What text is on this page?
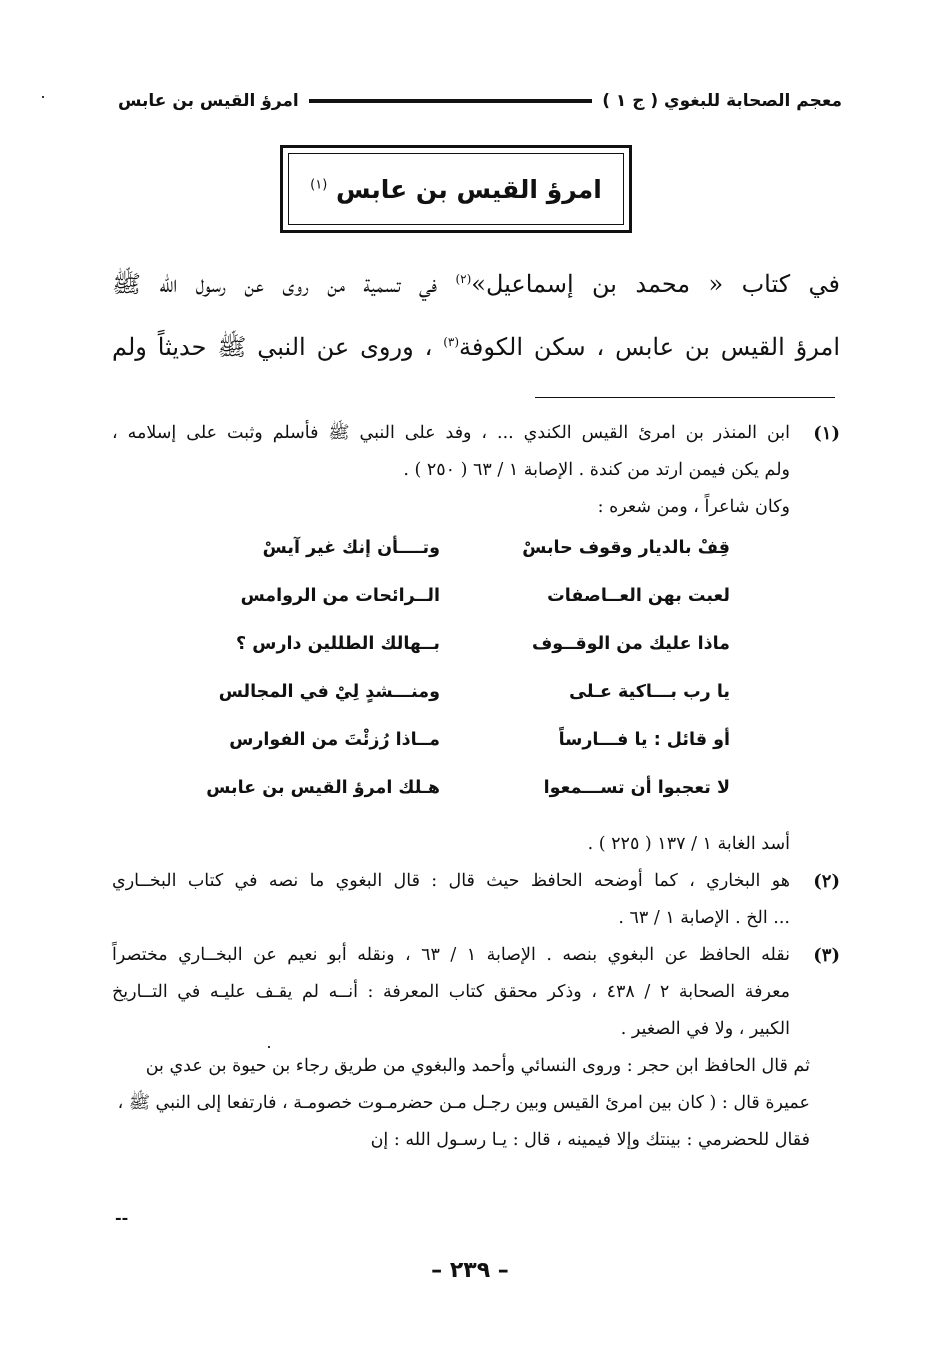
معجم الصحابة للبغوي ( ج ١ )
امرؤ القيس بن عابس
امرؤ القيس بن عابس $^{(١)}$
في كتاب « محمد بن إسماعيل»$^{(٢)}$ في تسمية من روى عن رسول الله ﷺ
امرؤ القيس بن عابس ، سكن الكوفة$^{(٣)}$ ، وروى عن النبي ﷺ حديثاً ولم
(١)
ابن المنذر بن امرئ القيس الكندي ... ، وفد على النبي ﷺ فأسلم وثبت على إسلامه ،
ولم يكن فيمن ارتد من كندة . الإصابة ١ / ٦٣ ( ٢٥٠ ) .
وكان شاعراً ، ومن شعره :
قِفْ بالديار وقوف حابسْ
وتــــأن إنك غير آيسْ
لعبت بهن العــاصفات
الــرائحات من الروامس
ماذا عليك من الوقــوف
بــهالك الطللين دارس ؟
يا رب بـــاكية عـلى
ومنـــشدٍ لِيْ في المجالس
أو قائل : يا فـــارساً
مــاذا رُزئْتَ من الفوارس
لا تعجبوا أن تســـمعوا
هـلك امرؤ القيس بن عابس
أسد الغابة ١ / ١٣٧ ( ٢٢٥ ) .
(٢)
هو البخاري ، كما أوضحه الحافظ حيث قال : قال البغوي ما نصه في كتاب البخــاري
... الخ . الإصابة ١ / ٦٣ .
(٣)
نقله الحافظ عن البغوي بنصه . الإصابة ١ / ٦٣ ، ونقله أبو نعيم عن البخــاري مختصراً
معرفة الصحابة ٢ / ٤٣٨ ، وذكر محقق كتاب المعرفة : أنــه لم يقـف عليـه في التــاريخ
الكبير ، ولا في الصغير .
ثم قال الحافظ ابن حجر : وروى النسائي وأحمد والبغوي من طريق رجاء بن حيوة بن عدي بن عميرة قال : ( كان بين امرئ القيس وبين رجـل مـن حضرمـوت خصومـة ، فارتفعا إلى النبي ﷺ ، فقال للحضرمي : بينتك وإلا فيمينه ، قال : يـا رسـول الله : إن
--
– ٢٣٩ –
